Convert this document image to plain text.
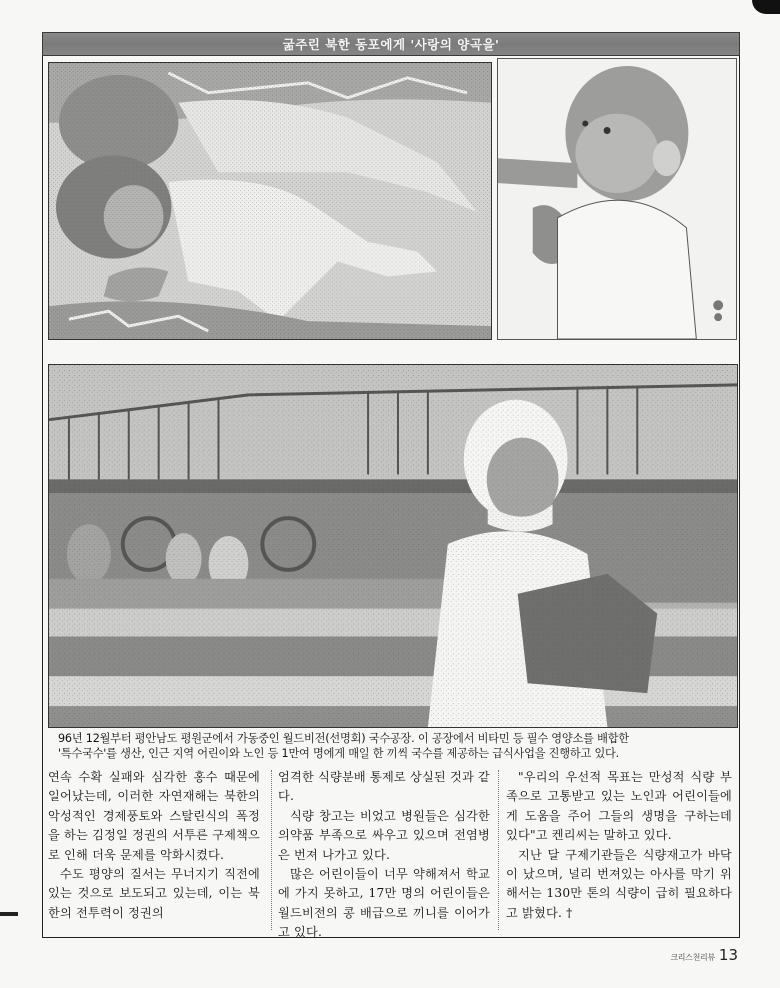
굶주린 북한 동포에게 '사랑의 양곡을'
96년 12월부터 평안남도 평원군에서 가동중인 월드비전(선명회) 국수공장. 이 공장에서 비타민 등 필수 영양소를 배합한
'특수국수'를 생산, 인근 지역 어린이와 노인 등 1만여 명에게 매일 한 끼씩 국수를 제공하는 급식사업을 진행하고 있다.

연속 수확 실패와 심각한 홍수 때문에 일어났는데, 이러한 자연재해는 북한의 악성적인 경제풍토와 스탈린식의 폭정을 하는 김정일 정권의 서투른 구제책으로 인해 더욱 문제를 악화시켰다.

수도 평양의 질서는 무너지기 직전에 있는 것으로 보도되고 있는데, 이는 북한의 전투력이 정권의

엄격한 식량분배 통제로 상실된 것과 같다.

식량 창고는 비었고 병원들은 심각한 의약품 부족으로 싸우고 있으며 전염병은 번져 나가고 있다.

많은 어린이들이 너무 약해져서 학교에 가지 못하고, 17만 명의 어린이들은 월드비전의 콩 배급으로 끼니를 이어가고 있다.

"우리의 우선적 목표는 만성적 식량 부족으로 고통받고 있는 노인과 어린이들에게 도움을 주어 그들의 생명을 구하는데 있다"고 켄리씨는 말하고 있다.

지난 달 구제기관들은 식량재고가 바닥이 났으며, 널리 번져있는 아사를 막기 위해서는 130만 톤의 식량이 급히 필요하다고 밝혔다. †

크리스천리뷰 13
